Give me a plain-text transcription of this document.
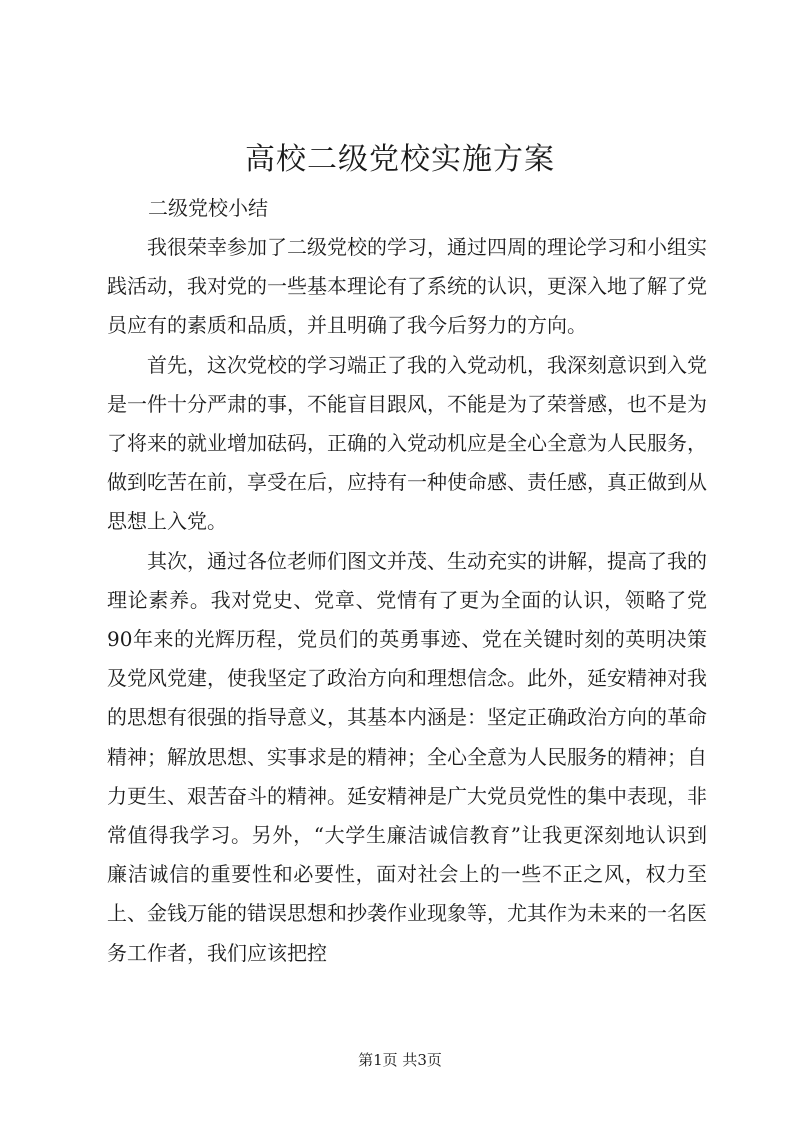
高校二级党校实施方案
二级党校小结

我很荣幸参加了二级党校的学习，通过四周的理论学习和小组实践活动，我对党的一些基本理论有了系统的认识，更深入地了解了党员应有的素质和品质，并且明确了我今后努力的方向。

首先，这次党校的学习端正了我的入党动机，我深刻意识到入党是一件十分严肃的事，不能盲目跟风，不能是为了荣誉感，也不是为了将来的就业增加砝码，正确的入党动机应是全心全意为人民服务，做到吃苦在前，享受在后，应持有一种使命感、责任感，真正做到从思想上入党。

其次，通过各位老师们图文并茂、生动充实的讲解，提高了我的理论素养。我对党史、党章、党情有了更为全面的认识，领略了党90年来的光辉历程，党员们的英勇事迹、党在关键时刻的英明决策及党风党建，使我坚定了政治方向和理想信念。此外，延安精神对我的思想有很强的指导意义，其基本内涵是：坚定正确政治方向的革命精神；解放思想、实事求是的精神；全心全意为人民服务的精神；自力更生、艰苦奋斗的精神。延安精神是广大党员党性的集中表现，非常值得我学习。另外，“大学生廉洁诚信教育”让我更深刻地认识到廉洁诚信的重要性和必要性，面对社会上的一些不正之风，权力至上、金钱万能的错误思想和抄袭作业现象等，尤其作为未来的一名医务工作者，我们应该把控

第1页 共3页
